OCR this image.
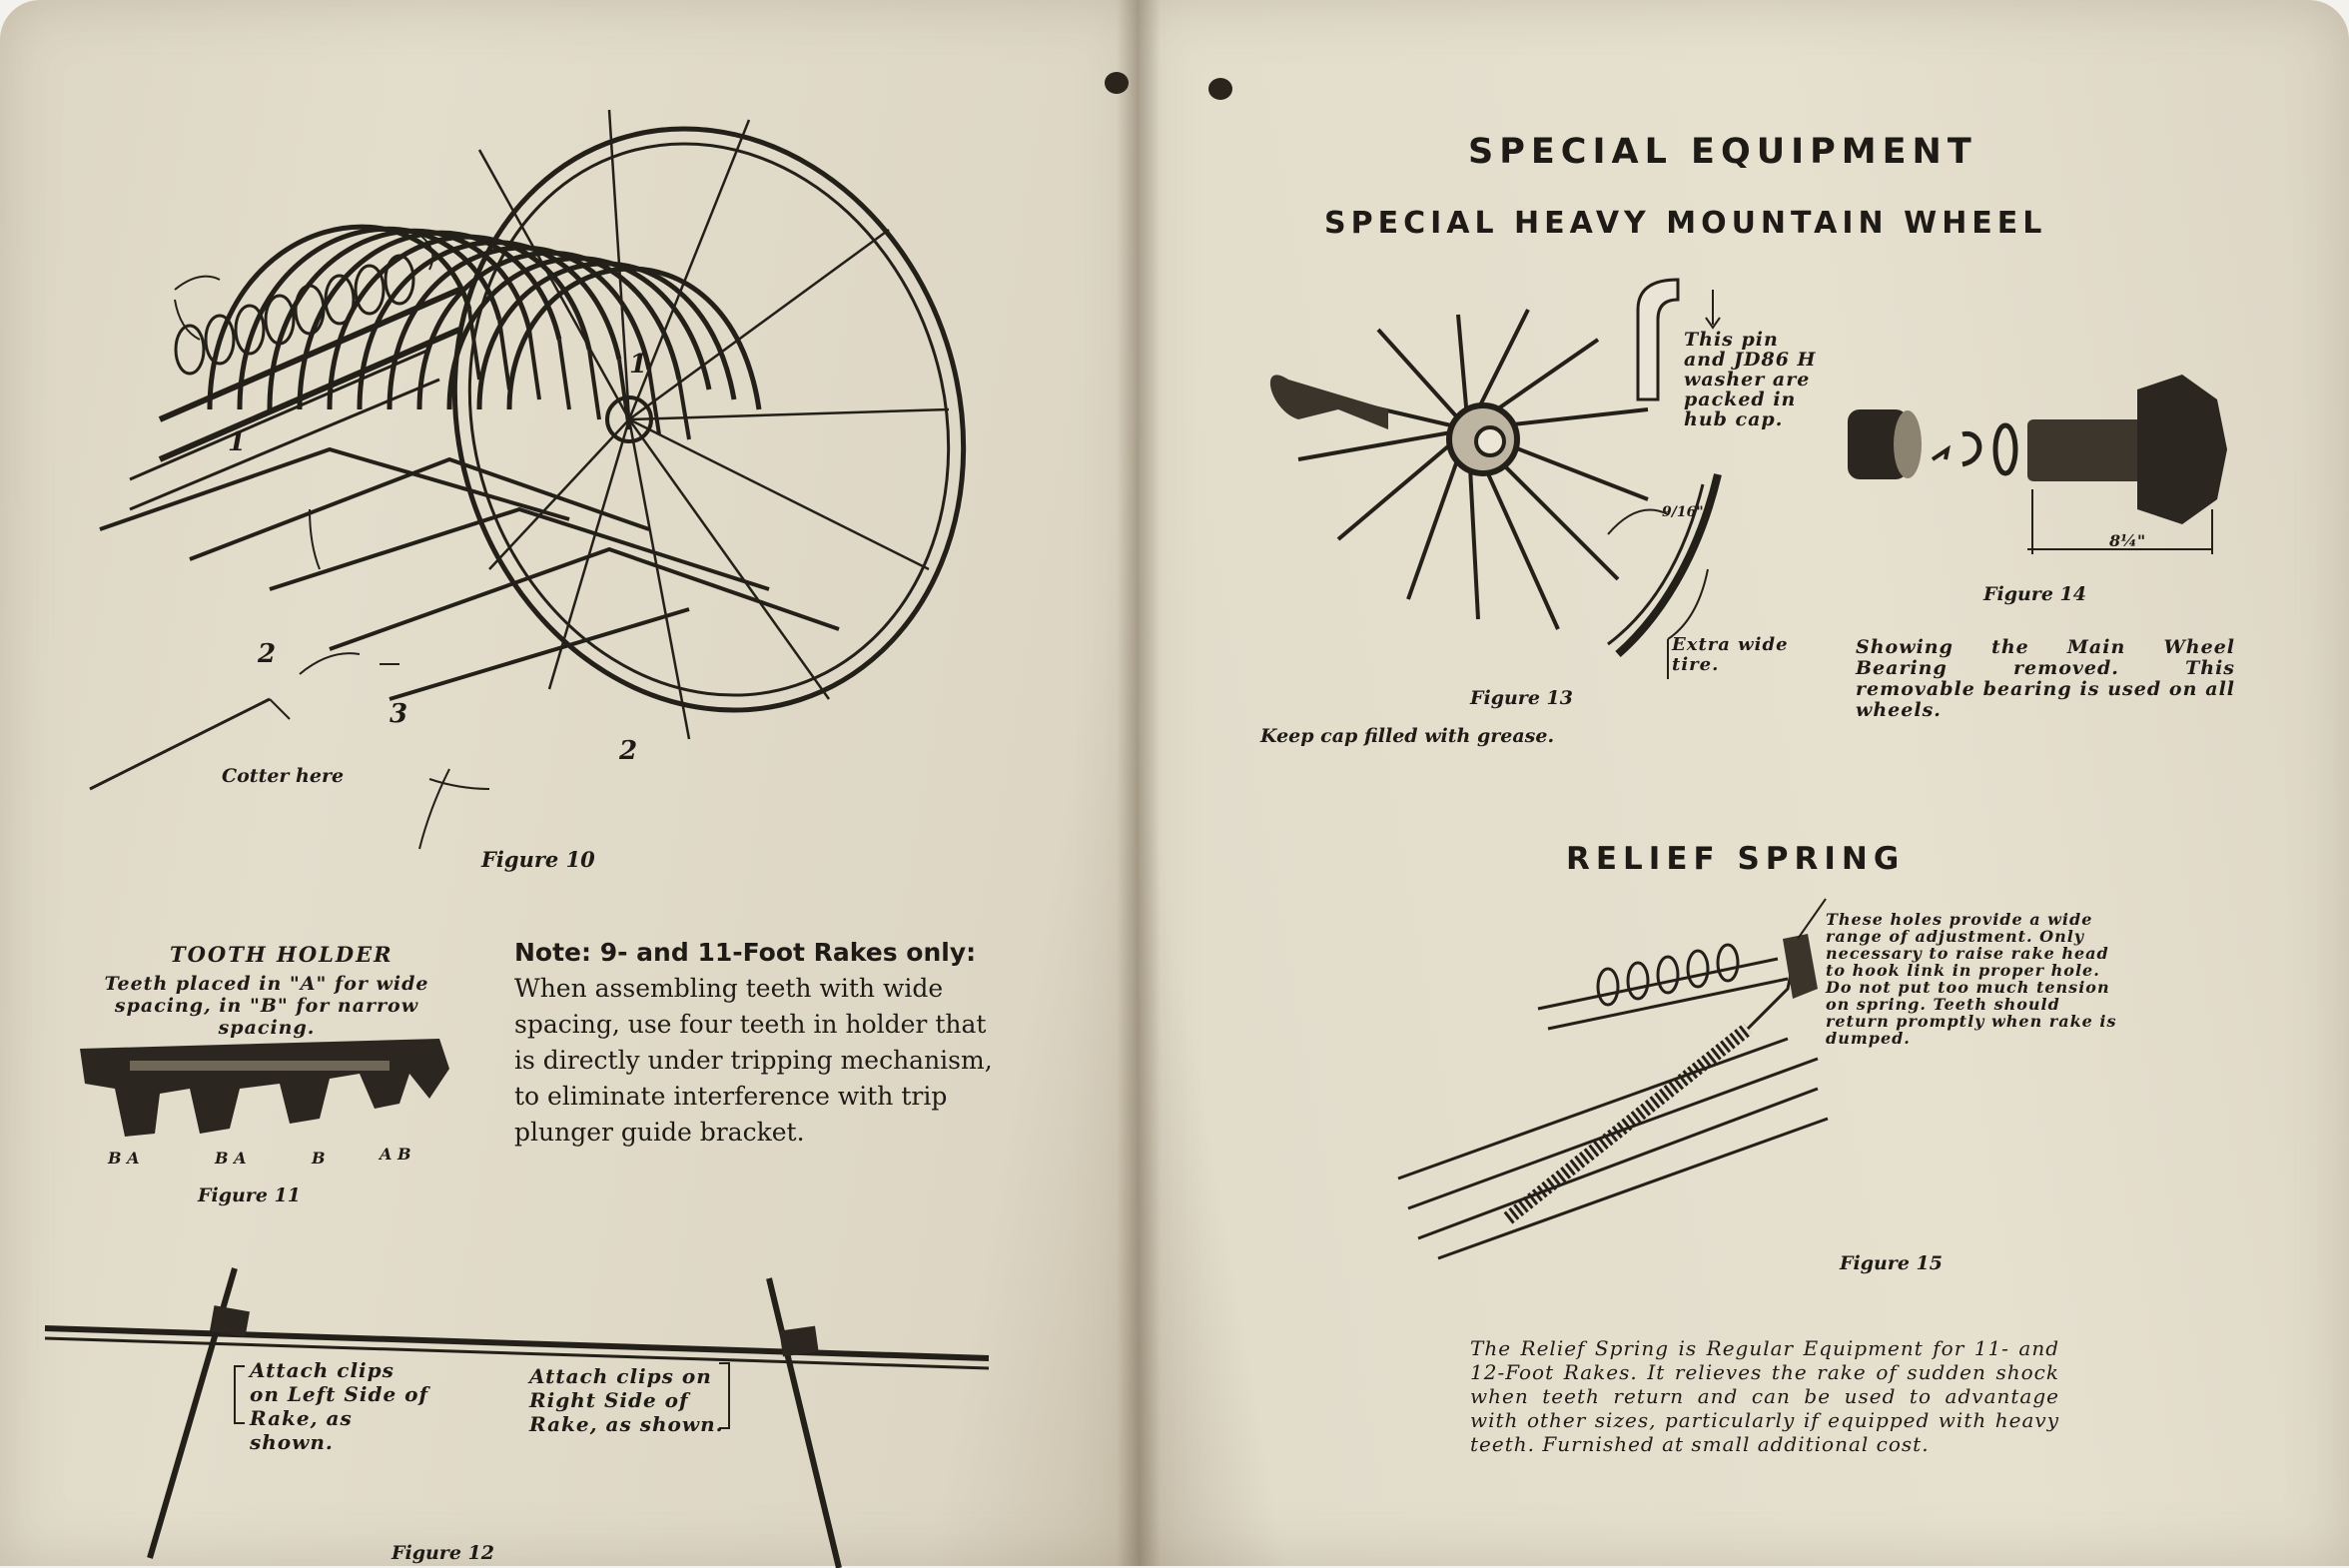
1
1
2
2
3
Cotter here
Figure 10
TOOTH HOLDER
Teeth placed in "A" for wide spacing, in "B" for narrow spacing.
B A	B A	B	A B
Figure 11
Note: 9- and 11-Foot Rakes only: When assembling teeth with wide spacing, use four teeth in holder that is directly under tripping mechanism, to eliminate interference with trip plunger guide bracket.
Attach clips on Left Side of Rake, as shown.
Attach clips on Right Side of Rake, as shown.
Figure 12
SPECIAL EQUIPMENT
SPECIAL HEAVY MOUNTAIN WHEEL
This pin and JD86 H washer are packed in hub cap.
9/16"
Extra wide tire.
Figure 13
Keep cap filled with grease.
8¼"
Figure 14
Showing the Main Wheel Bearing removed. This removable bearing is used on all wheels.
RELIEF SPRING
These holes provide a wide range of adjustment. Only necessary to raise rake head to hook link in proper hole. Do not put too much tension on spring. Teeth should return promptly when rake is dumped.
Figure 15
The Relief Spring is Regular Equipment for 11- and 12-Foot Rakes. It relieves the rake of sudden shock when teeth return and can be used to advantage with other sizes, particularly if equipped with heavy teeth. Furnished at small additional cost.
